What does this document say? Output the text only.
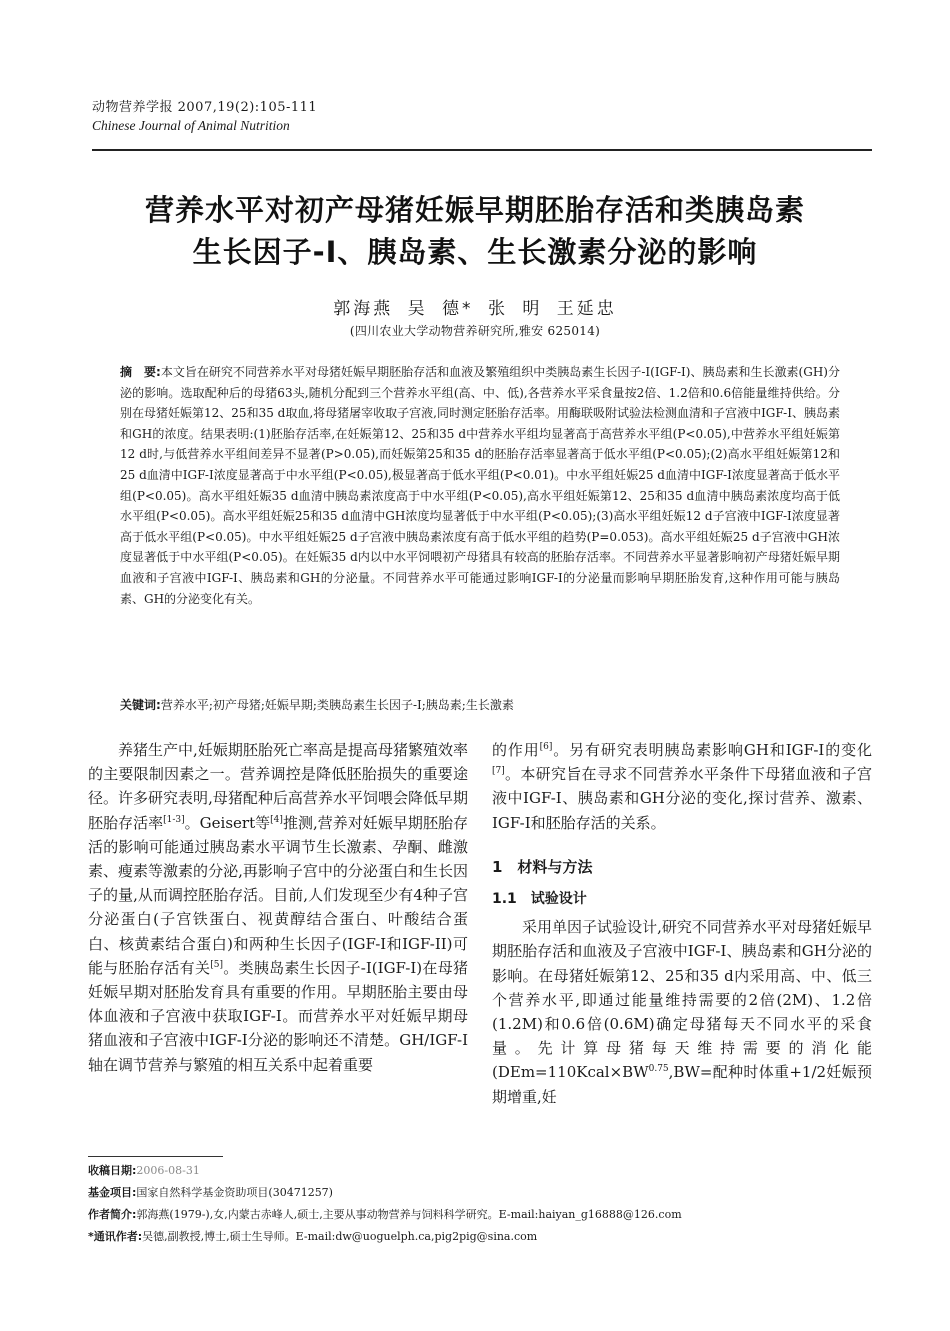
动物营养学报 2007,19(2):105-111
Chinese Journal of Animal Nutrition
营养水平对初产母猪妊娠早期胚胎存活和类胰岛素
生长因子-I、胰岛素、生长激素分泌的影响
郭海燕 吴 德* 张 明 王延忠
(四川农业大学动物营养研究所,雅安 625014)
摘　要:本文旨在研究不同营养水平对母猪妊娠早期胚胎存活和血液及繁殖组织中类胰岛素生长因子-I(IGF-I)、胰岛素和生长激素(GH)分泌的影响。选取配种后的母猪63头,随机分配到三个营养水平组(高、中、低),各营养水平采食量按2倍、1.2倍和0.6倍能量维持供给。分别在母猪妊娠第12、25和35 d取血,将母猪屠宰收取子宫液,同时测定胚胎存活率。用酶联吸附试验法检测血清和子宫液中IGF-I、胰岛素和GH的浓度。结果表明:(1)胚胎存活率,在妊娠第12、25和35 d中营养水平组均显著高于高营养水平组(P<0.05),中营养水平组妊娠第12 d时,与低营养水平组间差异不显著(P>0.05),而妊娠第25和35 d的胚胎存活率显著高于低水平组(P<0.05);(2)高水平组妊娠第12和25 d血清中IGF-I浓度显著高于中水平组(P<0.05),极显著高于低水平组(P<0.01)。中水平组妊娠25 d血清中IGF-I浓度显著高于低水平组(P<0.05)。高水平组妊娠35 d血清中胰岛素浓度高于中水平组(P<0.05),高水平组妊娠第12、25和35 d血清中胰岛素浓度均高于低水平组(P<0.05)。高水平组妊娠25和35 d血清中GH浓度均显著低于中水平组(P<0.05);(3)高水平组妊娠12 d子宫液中IGF-I浓度显著高于低水平组(P<0.05)。中水平组妊娠25 d子宫液中胰岛素浓度有高于低水平组的趋势(P=0.053)。高水平组妊娠25 d子宫液中GH浓度显著低于中水平组(P<0.05)。在妊娠35 d内以中水平饲喂初产母猪具有较高的胚胎存活率。不同营养水平显著影响初产母猪妊娠早期血液和子宫液中IGF-I、胰岛素和GH的分泌量。不同营养水平可能通过影响IGF-I的分泌量而影响早期胚胎发育,这种作用可能与胰岛素、GH的分泌变化有关。
关键词:营养水平;初产母猪;妊娠早期;类胰岛素生长因子-I;胰岛素;生长激素

养猪生产中,妊娠期胚胎死亡率高是提高母猪繁殖效率的主要限制因素之一。营养调控是降低胚胎损失的重要途径。许多研究表明,母猪配种后高营养水平饲喂会降低早期胚胎存活率[1-3]。Geisert等[4]推测,营养对妊娠早期胚胎存活的影响可能通过胰岛素水平调节生长激素、孕酮、雌激素、瘦素等激素的分泌,再影响子宫中的分泌蛋白和生长因子的量,从而调控胚胎存活。目前,人们发现至少有4种子宫分泌蛋白(子宫铁蛋白、视黄醇结合蛋白、叶酸结合蛋白、核黄素结合蛋白)和两种生长因子(IGF-I和IGF-II)可能与胚胎存活有关[5]。类胰岛素生长因子-I(IGF-I)在母猪妊娠早期对胚胎发育具有重要的作用。早期胚胎主要由母体血液和子宫液中获取IGF-I。而营养水平对妊娠早期母猪血液和子宫液中IGF-I分泌的影响还不清楚。GH/IGF-I轴在调节营养与繁殖的相互关系中起着重要

的作用[6]。另有研究表明胰岛素影响GH和IGF-I的变化[7]。本研究旨在寻求不同营养水平条件下母猪血液和子宫液中IGF-I、胰岛素和GH分泌的变化,探讨营养、激素、IGF-I和胚胎存活的关系。

1　材料与方法
1.1　试验设计

采用单因子试验设计,研究不同营养水平对母猪妊娠早期胚胎存活和血液及子宫液中IGF-I、胰岛素和GH分泌的影响。在母猪妊娠第12、25和35 d内采用高、中、低三个营养水平,即通过能量维持需要的2倍(2M)、1.2倍(1.2M)和0.6倍(0.6M)确定母猪每天不同水平的采食量。先计算母猪每天维持需要的消化能($DEm=110Kcal\times BW^{0.75},BW=$配种时体重+1/2妊娠预期增重,妊

收稿日期:2006-08-31
基金项目:国家自然科学基金资助项目(30471257)
作者简介:郭海燕(1979-),女,内蒙古赤峰人,硕士,主要从事动物营养与饲料科学研究。E-mail:haiyan_g16888@126.com
*通讯作者:吴德,副教授,博士,硕士生导师。E-mail:dw@uoguelph.ca,pig2pig@sina.com
